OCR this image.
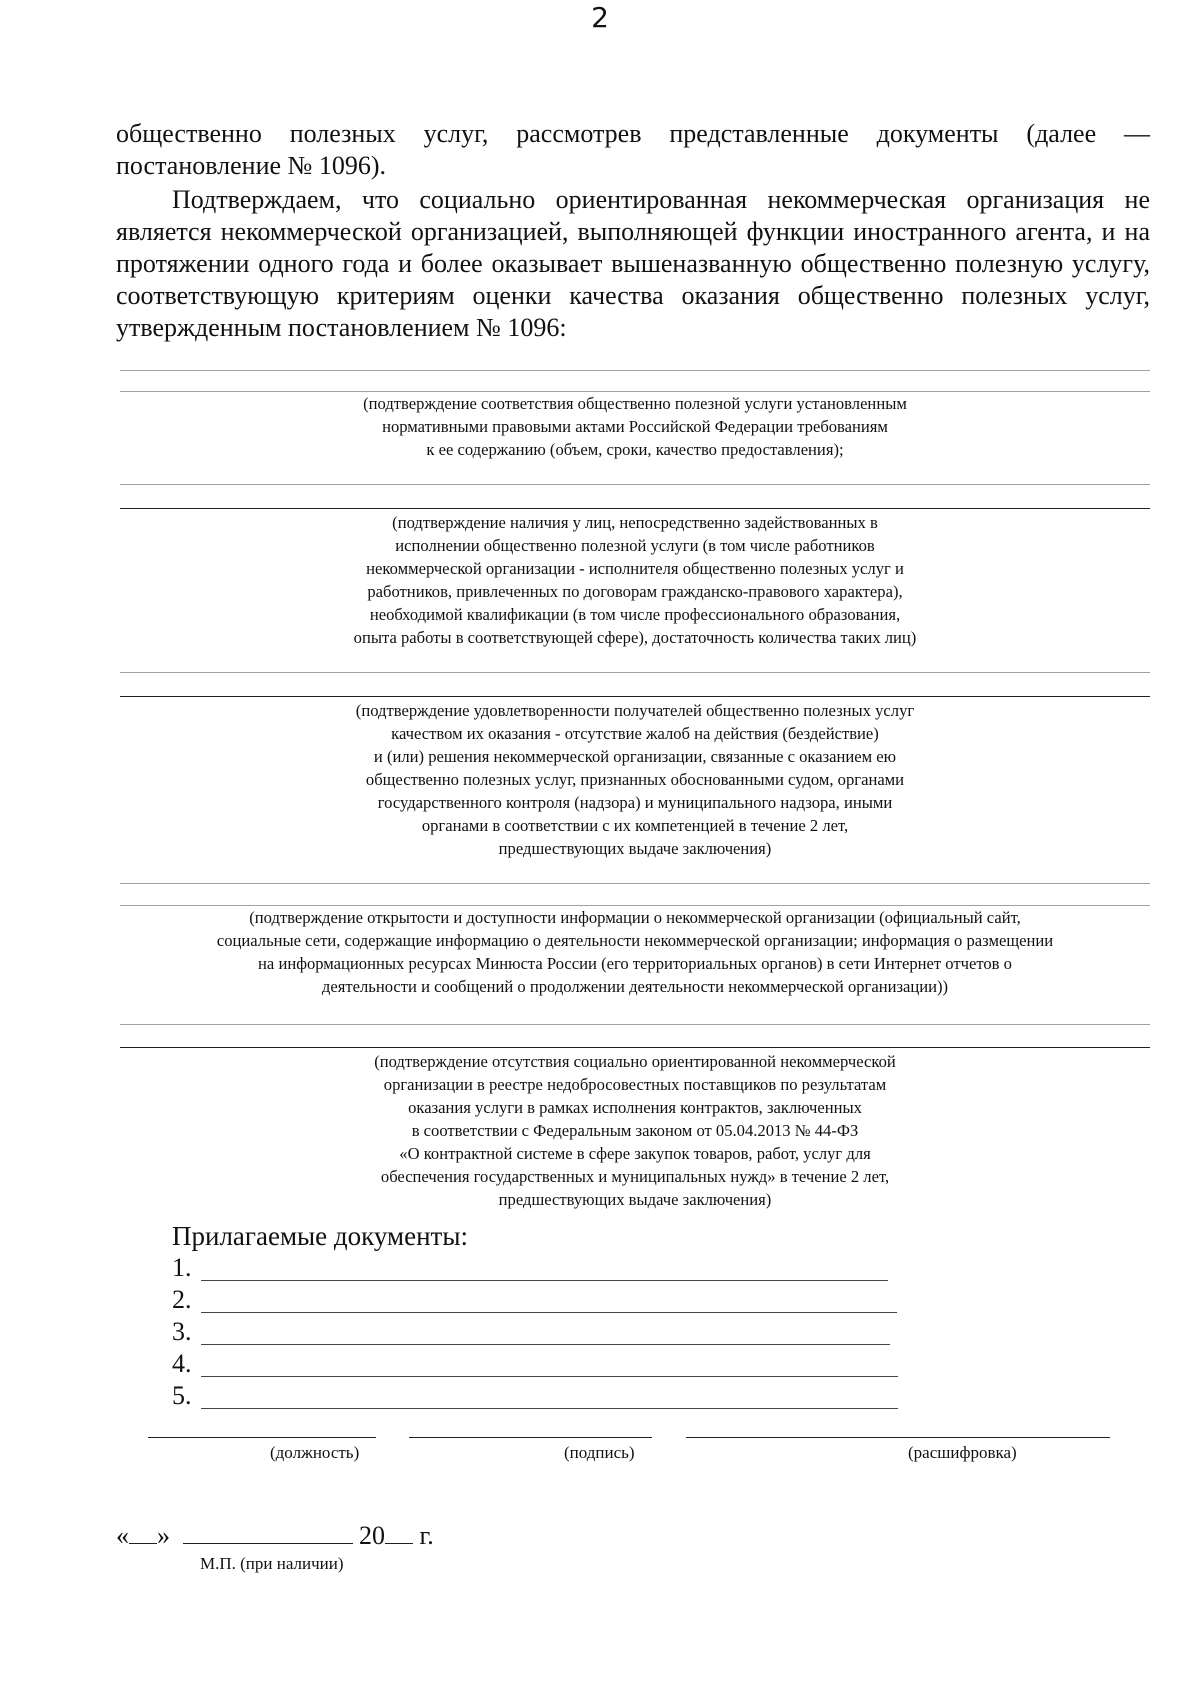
2

общественно полезных услуг, рассмотрев представленные документы (далее — постановление № 1096).

Подтверждаем, что социально ориентированная некоммерческая организация не является некоммерческой организацией, выполняющей функции иностранного агента, и на протяжении одного года и более оказывает вышеназванную общественно полезную услугу, соответствующую критериям оценки качества оказания общественно полезных услуг, утвержденным постановлением № 1096:

(подтверждение соответствия общественно полезной услуги установленным
нормативными правовыми актами Российской Федерации требованиям
к ее содержанию (объем, сроки, качество предоставления);
(подтверждение наличия у лиц, непосредственно задействованных в
исполнении общественно полезной услуги (в том числе работников
некоммерческой организации - исполнителя общественно полезных услуг и
работников, привлеченных по договорам гражданско-правового характера),
необходимой квалификации (в том числе профессионального образования,
опыта работы в соответствующей сфере), достаточность количества таких лиц)
(подтверждение удовлетворенности получателей общественно полезных услуг
качеством их оказания - отсутствие жалоб на действия (бездействие)
и (или) решения некоммерческой организации, связанные с оказанием ею
общественно полезных услуг, признанных обоснованными судом, органами
государственного контроля (надзора) и муниципального надзора, иными
органами в соответствии с их компетенцией в течение 2 лет,
предшествующих выдаче заключения)
(подтверждение открытости и доступности информации о некоммерческой организации (официальный сайт,
социальные сети, содержащие информацию о деятельности некоммерческой организации; информация о размещении
на информационных ресурсах Минюста России (его территориальных органов) в сети Интернет отчетов о
деятельности и сообщений о продолжении деятельности некоммерческой организации))
(подтверждение отсутствия социально ориентированной некоммерческой
организации в реестре недобросовестных поставщиков по результатам
оказания услуги в рамках исполнения контрактов, заключенных
в соответствии с Федеральным законом от 05.04.2013 № 44-ФЗ
«О контрактной системе в сфере закупок товаров, работ, услуг для
обеспечения государственных и муниципальных нужд» в течение 2 лет,
предшествующих выдаче заключения)

Прилагаемые документы:

1.
2.
3.
4.
5.
(должность)	(подпись)	(расшифровка)
« »	20 г.
М.П. (при наличии)
